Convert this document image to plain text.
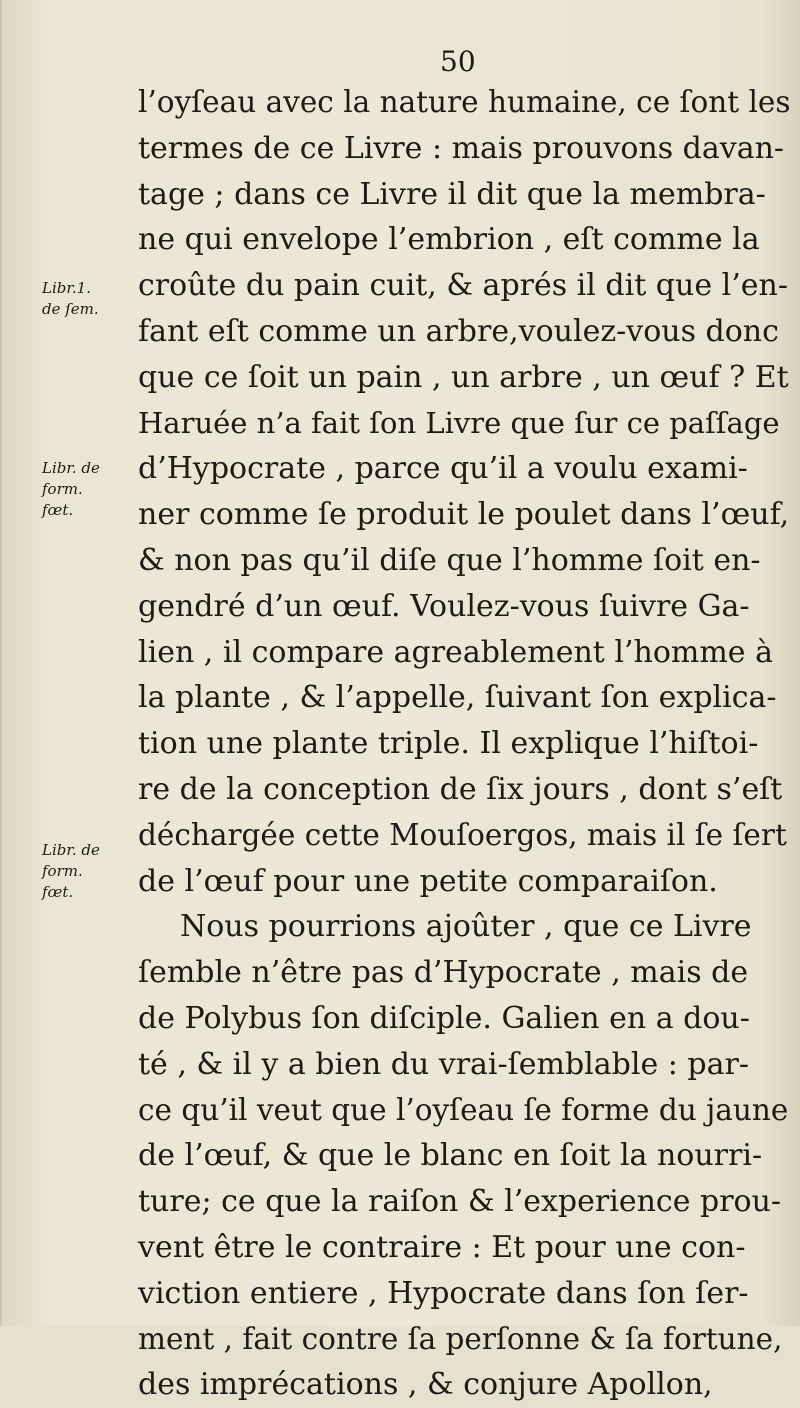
50
l’oyſeau avec la nature humaine, ce ſont les
termes de ce Livre : mais prouvons davan-
tage ; dans ce Livre il dit que la membra-
ne qui envelope l’embrion , eſt comme la
croûte du pain cuit, & aprés il dit que l’en-
fant eſt comme un arbre,voulez-vous donc
que ce ſoit un pain , un arbre , un œuf ? Et
Haruée n’a fait ſon Livre que ſur ce paſſage
d’Hypocrate , parce qu’il a voulu exami-
ner comme ſe produit le poulet dans l’œuf,
& non pas qu’il diſe que l’homme ſoit en-
gendré d’un œuf. Voulez-vous ſuivre Ga-
lien , il compare agreablement l’homme à
la plante , & l’appelle, ſuivant ſon explica-
tion une plante triple. Il explique l’hiſtoi-
re de la conception de ſix jours , dont s’eſt
déchargée cette Mouſoergos, mais il ſe ſert
de l’œuf pour une petite comparaiſon.
Nous pourrions ajoûter , que ce Livre
ſemble n’être pas d’Hypocrate , mais de
de Polybus ſon diſciple. Galien en a dou-
té , & il y a bien du vrai-ſemblable : par-
ce qu’il veut que l’oyſeau ſe forme du jaune
de l’œuf, & que le blanc en ſoit la nourri-
ture; ce que la raiſon & l’experience prou-
vent être le contraire : Et pour une con-
viction entiere , Hypocrate dans ſon ſer-
ment , fait contre ſa perſonne & ſa fortune,
des imprécations , & conjure Apollon,
Libr.1.
de ſem.
Libr. de
form.
fœt.
Libr. de
form.
fœt.
